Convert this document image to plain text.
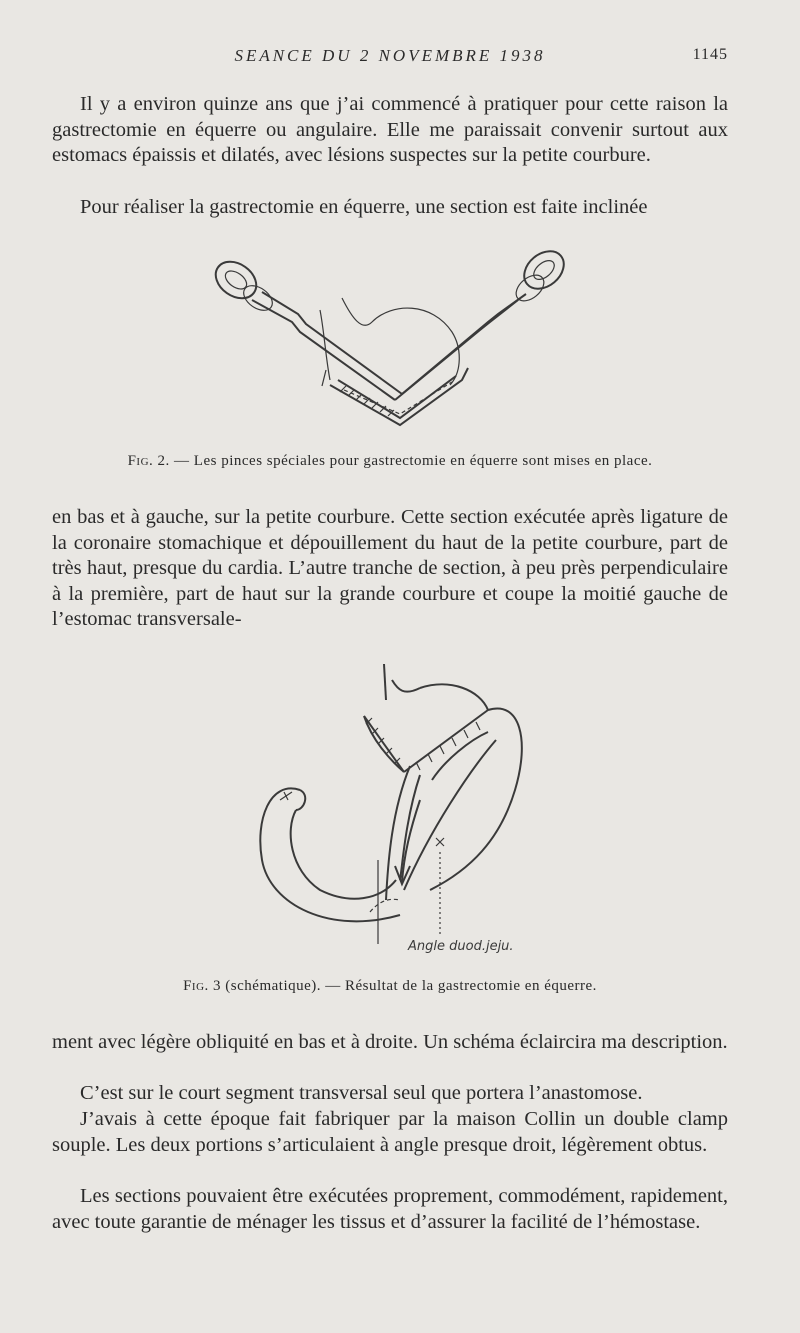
SEANCE DU 2 NOVEMBRE 1938	1145

Il y a environ quinze ans que j’ai commencé à pratiquer pour cette raison la gastrectomie en équerre ou angulaire. Elle me paraissait convenir surtout aux estomacs épaissis et dilatés, avec lésions suspectes sur la petite courbure.

Pour réaliser la gastrectomie en équerre, une section est faite inclinée

Fig. 2. — Les pinces spéciales pour gastrectomie en équerre sont mises en place.

en bas et à gauche, sur la petite courbure. Cette section exécutée après ligature de la coronaire stomachique et dépouillement du haut de la petite courbure, part de très haut, presque du cardia. L’autre tranche de section, à peu près perpendiculaire à la première, part de haut sur la grande courbure et coupe la moitié gauche de l’estomac transversale-

Angle duod.jeju.

Fig. 3 (schématique). — Résultat de la gastrectomie en équerre.

ment avec légère obliquité en bas et à droite. Un schéma éclaircira ma description.

C’est sur le court segment transversal seul que portera l’anastomose.

J’avais à cette époque fait fabriquer par la maison Collin un double clamp souple. Les deux portions s’articulaient à angle presque droit, légèrement obtus.

Les sections pouvaient être exécutées proprement, commodément, rapidement, avec toute garantie de ménager les tissus et d’assurer la facilité de l’hémostase.
